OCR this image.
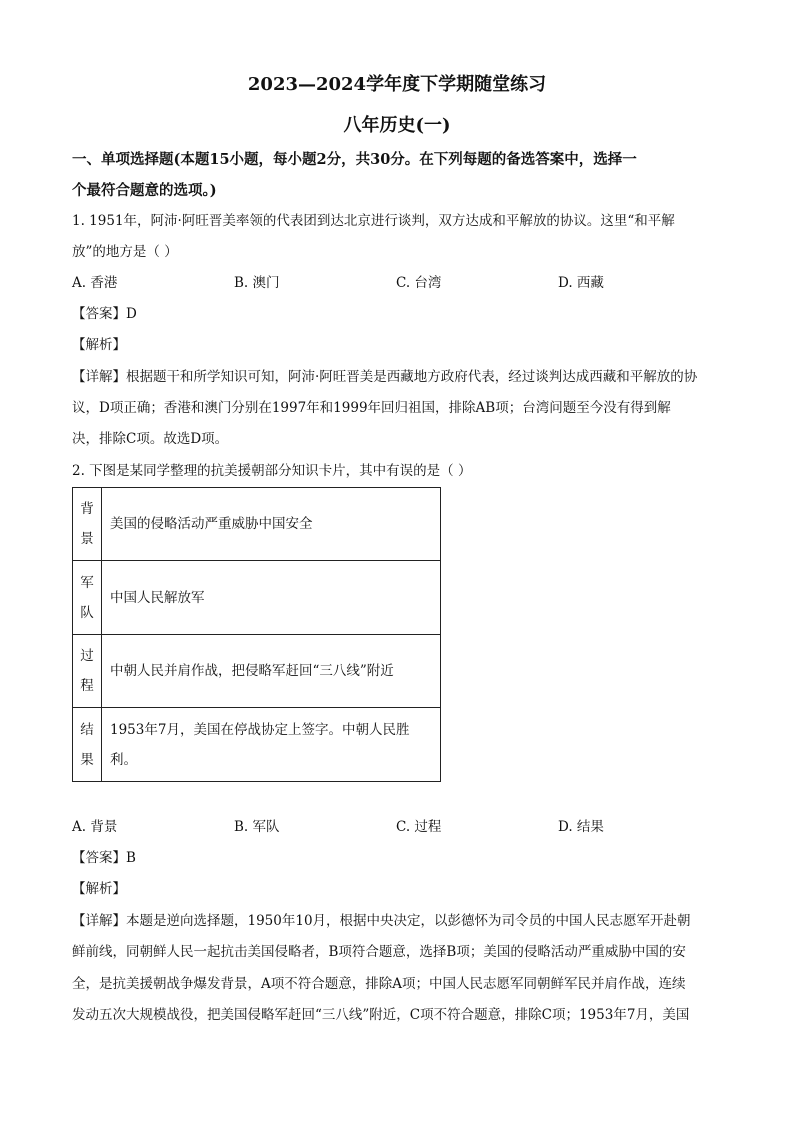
2023—2024学年度下学期随堂练习
八年历史(一)
一、单项选择题(本题15小题，每小题2分，共30分。在下列每题的备选答案中，选择一
个最符合题意的选项。)
1. 1951年，阿沛·阿旺晋美率领的代表团到达北京进行谈判，双方达成和平解放的协议。这里“和平解
放”的地方是（ ）
A. 香港	B. 澳门	C. 台湾	D. 西藏
【答案】D
【解析】
【详解】根据题干和所学知识可知，阿沛·阿旺晋美是西藏地方政府代表，经过谈判达成西藏和平解放的协
议，D项正确；香港和澳门分别在1997年和1999年回归祖国，排除AB项；台湾问题至今没有得到解
决，排除C项。故选D项。
2. 下图是某同学整理的抗美援朝部分知识卡片，其中有误的是（ ）
背
景	美国的侵略活动严重威胁中国安全
军
队	中国人民解放军
过
程	中朝人民并肩作战，把侵略军赶回“三八线”附近
结
果	1953年7月，美国在停战协定上签字。中朝人民胜
利。
A. 背景	B. 军队	C. 过程	D. 结果
【答案】B
【解析】
【详解】本题是逆向选择题，1950年10月，根据中央决定，以彭德怀为司令员的中国人民志愿军开赴朝
鲜前线，同朝鲜人民一起抗击美国侵略者，B项符合题意，选择B项；美国的侵略活动严重威胁中国的安
全，是抗美援朝战争爆发背景，A项不符合题意，排除A项；中国人民志愿军同朝鲜军民并肩作战，连续
发动五次大规模战役，把美国侵略军赶回“三八线”附近，C项不符合题意，排除C项；1953年7月，美国
